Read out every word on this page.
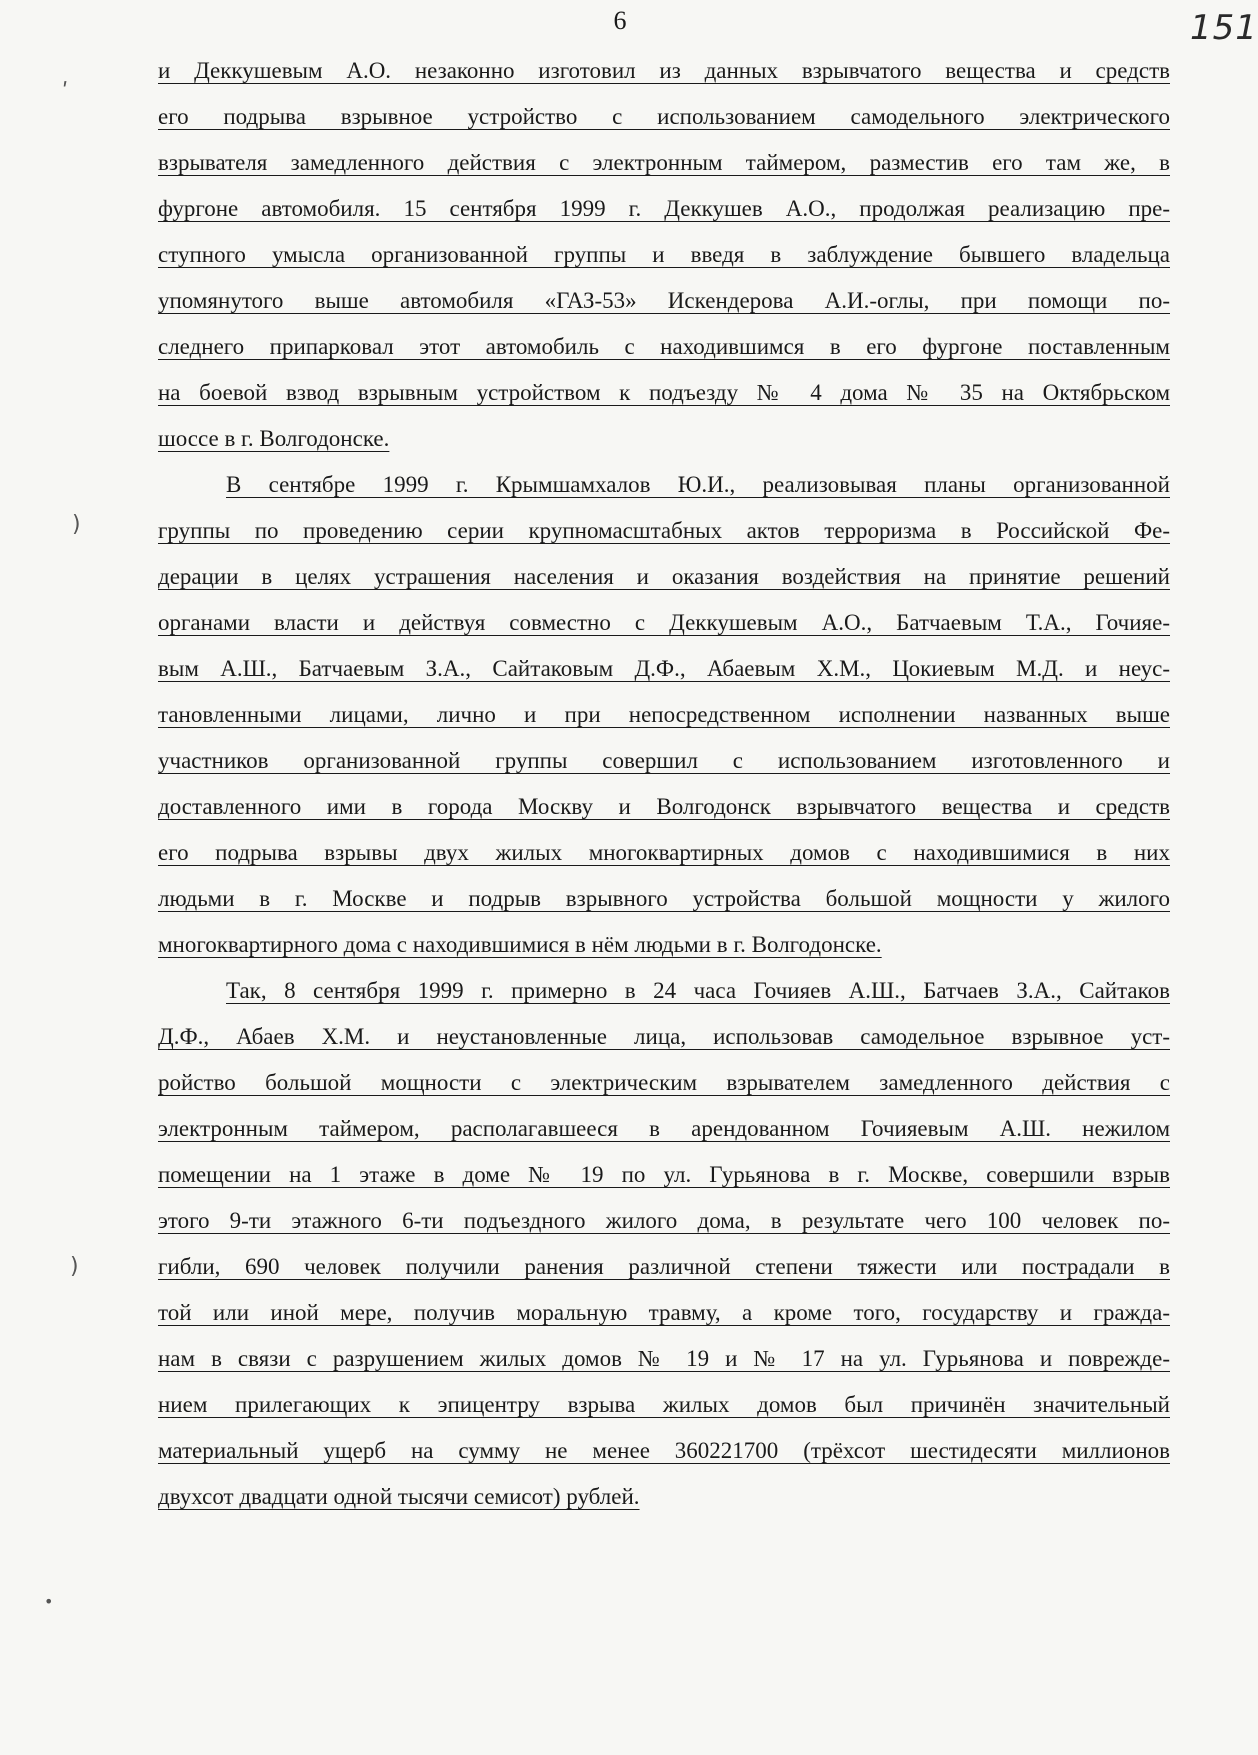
6	151
ʹ
)
)
•
и Деккушевым А.О. незаконно изготовил из данных взрывчатого вещества и средств
его подрыва взрывное устройство с использованием самодельного электрического
взрывателя замедленного действия с электронным таймером, разместив его там же, в
фургоне автомобиля. 15 сентября 1999 г. Деккушев А.О., продолжая реализацию пре-
ступного умысла организованной группы и введя в заблуждение бывшего владельца
упомянутого выше автомобиля «ГАЗ-53» Искендерова А.И.-оглы, при помощи по-
следнего припарковал этот автомобиль с находившимся в его фургоне поставленным
на боевой взвод взрывным устройством к подъезду № 4 дома № 35 на Октябрьском
шоссе в г. Волгодонске.
В сентябре 1999 г. Крымшамхалов Ю.И., реализовывая планы организованной
группы по проведению серии крупномасштабных актов терроризма в Российской Фе-
дерации в целях устрашения населения и оказания воздействия на принятие решений
органами власти и действуя совместно с Деккушевым А.О., Батчаевым Т.А., Гочияе-
вым А.Ш., Батчаевым З.А., Сайтаковым Д.Ф., Абаевым Х.М., Цокиевым М.Д. и неус-
тановленными лицами, лично и при непосредственном исполнении названных выше
участников организованной группы совершил с использованием изготовленного и
доставленного ими в города Москву и Волгодонск взрывчатого вещества и средств
его подрыва взрывы двух жилых многоквартирных домов с находившимися в них
людьми в г. Москве и подрыв взрывного устройства большой мощности у жилого
многоквартирного дома с находившимися в нём людьми в г. Волгодонске.
Так, 8 сентября 1999 г. примерно в 24 часа Гочияев А.Ш., Батчаев З.А., Сайтаков
Д.Ф., Абаев Х.М. и неустановленные лица, использовав самодельное взрывное уст-
ройство большой мощности с электрическим взрывателем замедленного действия с
электронным таймером, располагавшееся в арендованном Гочияевым А.Ш. нежилом
помещении на 1 этаже в доме № 19 по ул. Гурьянова в г. Москве, совершили взрыв
этого 9-ти этажного 6-ти подъездного жилого дома, в результате чего 100 человек по-
гибли, 690 человек получили ранения различной степени тяжести или пострадали в
той или иной мере, получив моральную травму, а кроме того, государству и гражда-
нам в связи с разрушением жилых домов № 19 и № 17 на ул. Гурьянова и поврежде-
нием прилегающих к эпицентру взрыва жилых домов был причинён значительный
материальный ущерб на сумму не менее 360221700 (трёхсот шестидесяти миллионов
двухсот двадцати одной тысячи семисот) рублей.
